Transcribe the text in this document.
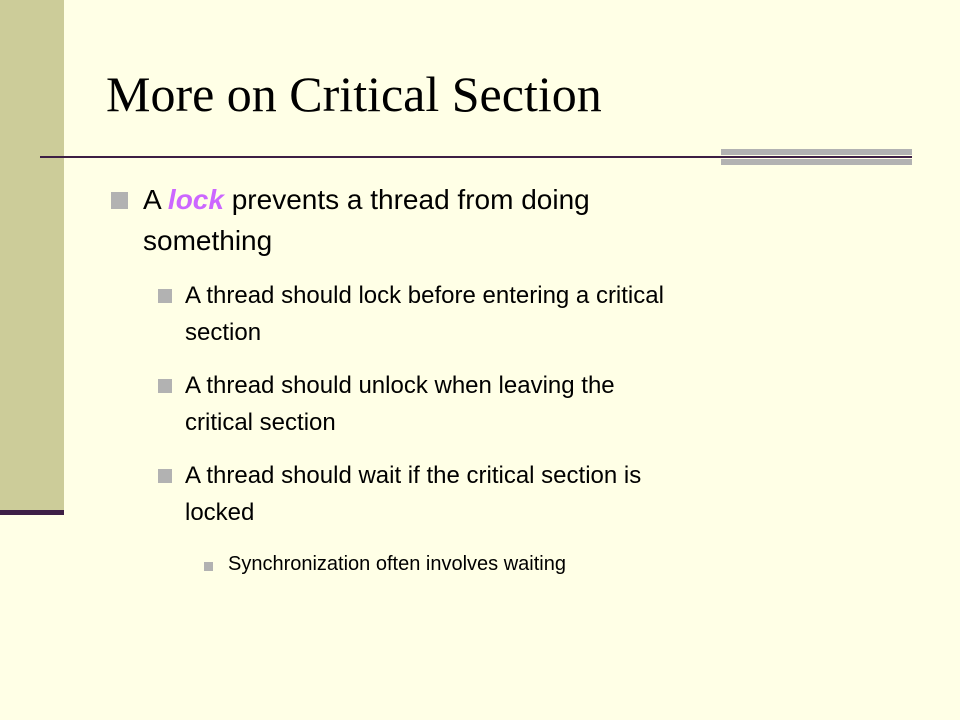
More on Critical Section
A lock prevents a thread from doing
something
A thread should lock before entering a critical
section
A thread should unlock when leaving the
critical section
A thread should wait if the critical section is
locked
Synchronization often involves waiting
